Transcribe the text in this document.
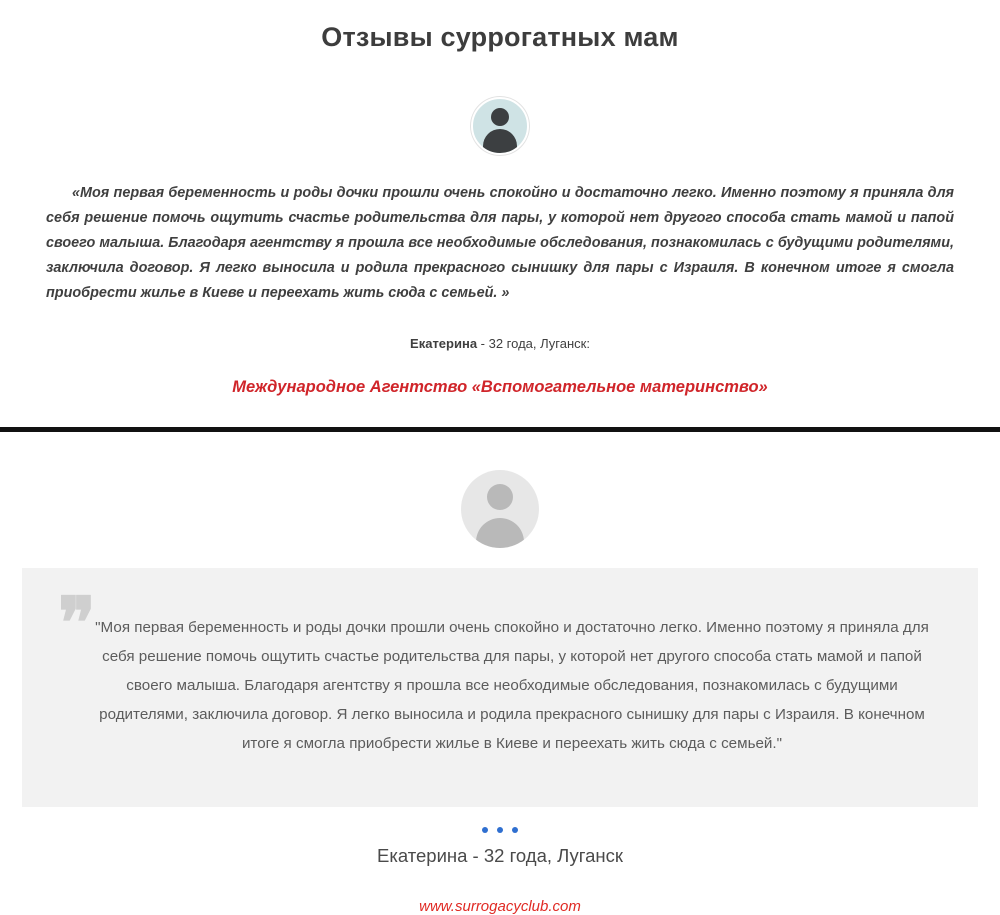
Отзывы суррогатных мам

«Моя первая беременность и роды дочки прошли очень спокойно и достаточно легко. Именно поэтому я приняла для себя решение помочь ощутить счастье родительства для пары, у которой нет другого способа стать мамой и папой своего малыша. Благодаря агентству я прошла все необходимые обследования, познакомилась с будущими родителями, заключила договор. Я легко выносила и родила прекрасного сынишку для пары с Израиля. В конечном итоге я смогла приобрести жилье в Киеве и переехать жить сюда с семьей. »

Екатерина - 32 года, Луганск:
Международное Агентство «Вспомогательное материнство»
❞ "Моя первая беременность и роды дочки прошли очень спокойно и достаточно легко. Именно поэтому я приняла для себя решение помочь ощутить счастье родительства для пары, у которой нет другого способа стать мамой и папой своего малыша. Благодаря агентству я прошла все необходимые обследования, познакомилась с будущими родителями, заключила договор. Я легко выносила и родила прекрасного сынишку для пары с Израиля. В конечном итоге я смогла приобрести жилье в Киеве и переехать жить сюда с семьей."

Екатерина - 32 года, Луганск
www.surrogacyclub.com
